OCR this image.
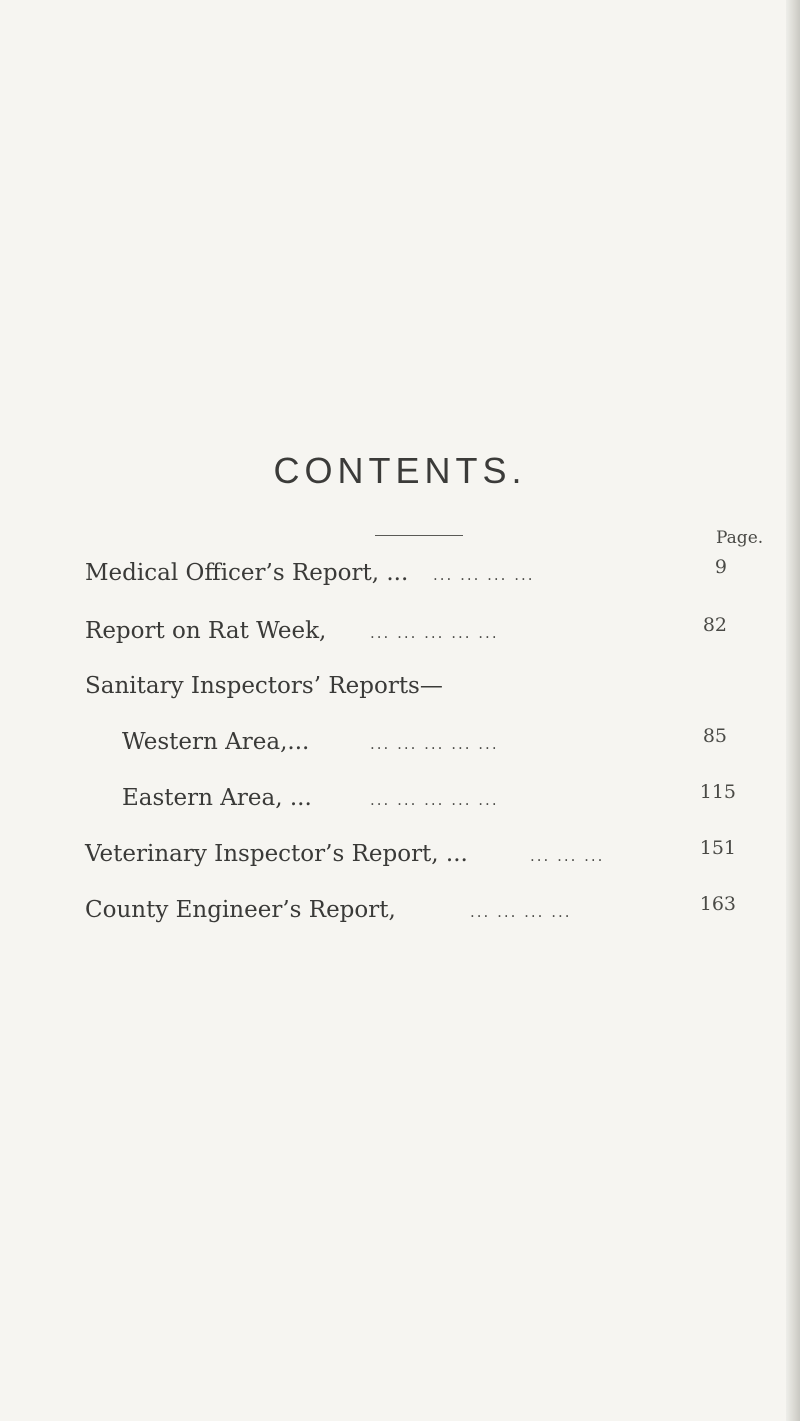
CONTENTS.
Page.
Medical Officer’s Report, ... ... ... ... ...	9
Report on Rat Week,	... ... ... ... ...	82
Sanitary Inspectors’ Reports—
Western Area,...	... ... ... ... ...	85
Eastern Area, ...	... ... ... ... ...	115
Veterinary Inspector’s Report, ...	... ... ...	151
County Engineer’s Report,	... ... ... ...	163
